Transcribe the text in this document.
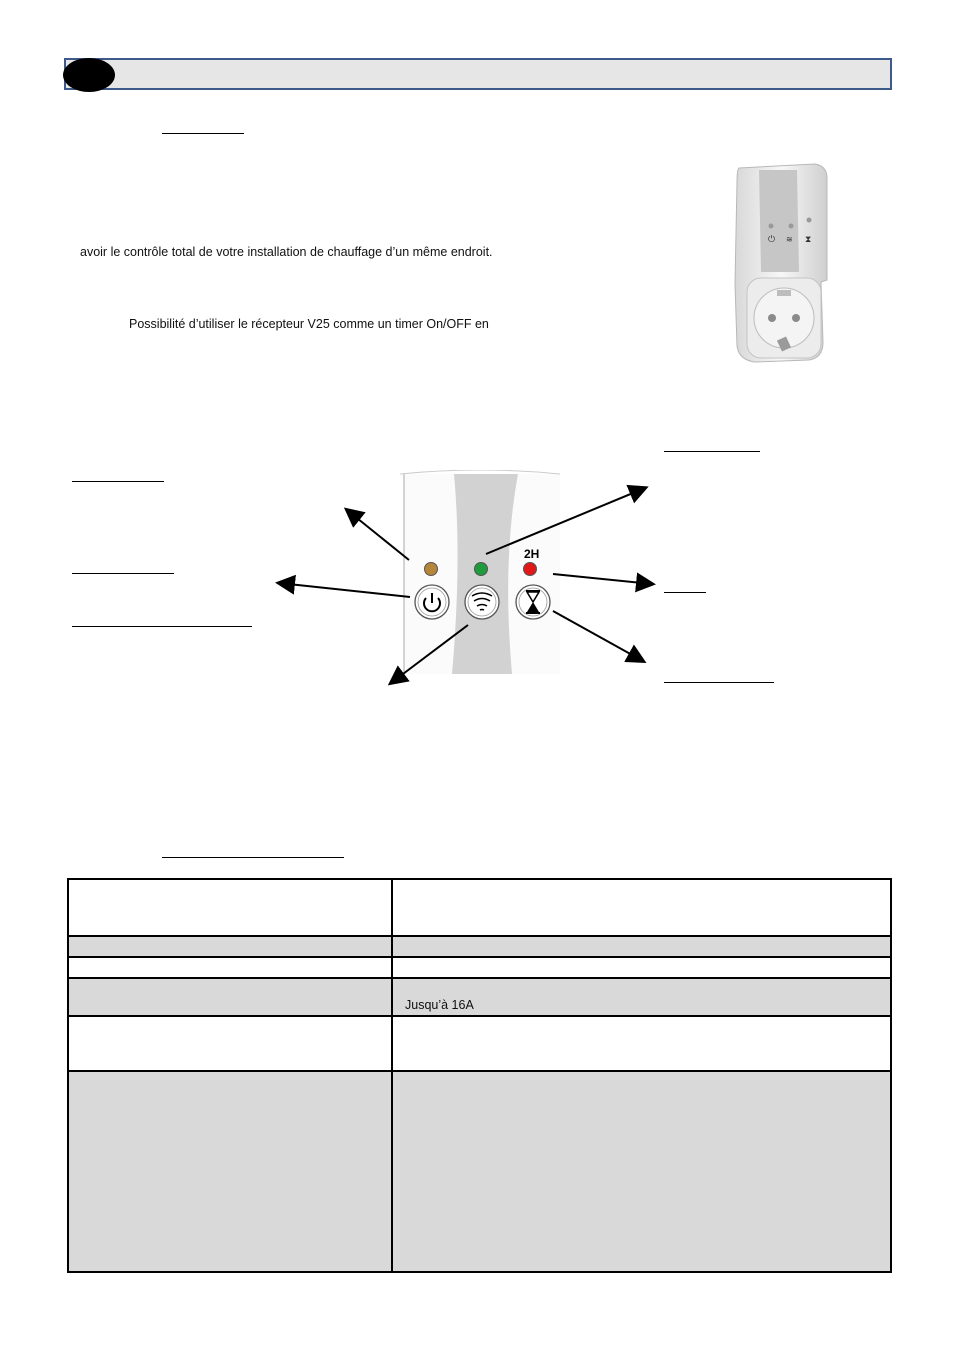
avoir le contrôle total de votre installation de chauffage d’un même endroit.
Possibilité d’utiliser le récepteur V25 comme un timer On/OFF en
⏻ ≋ ⧗
2H

	Jusqu’à 16A
